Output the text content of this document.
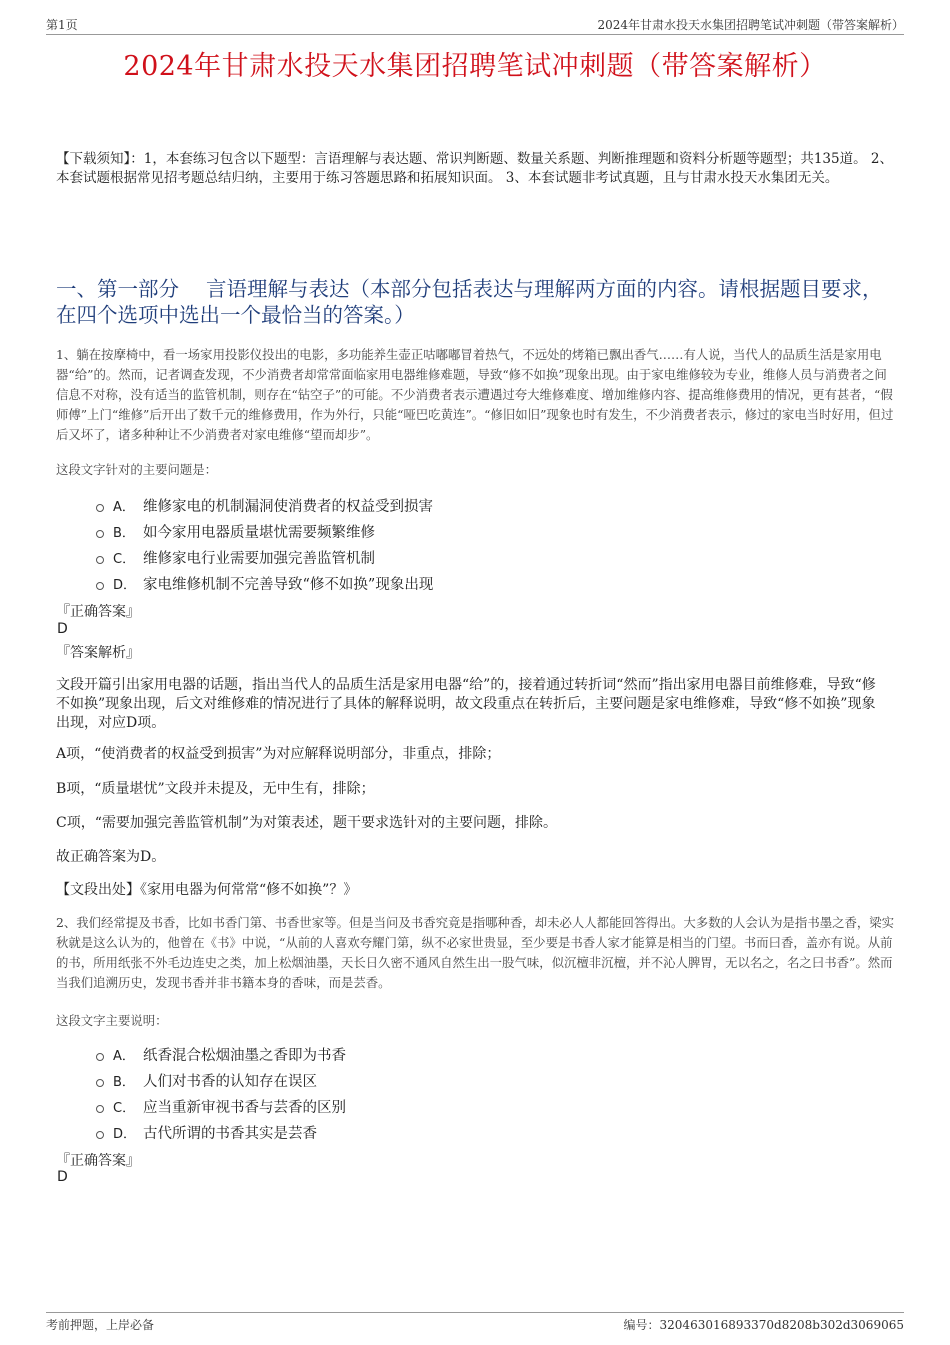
第1页	2024年甘肃水投天水集团招聘笔试冲刺题（带答案解析）
2024年甘肃水投天水集团招聘笔试冲刺题（带答案解析）
【下载须知】：1，本套练习包含以下题型：言语理解与表达题、常识判断题、数量关系题、判断推理题和资料分析题等题型；共135道。 2、本套试题根据常见招考题总结归纳，主要用于练习答题思路和拓展知识面。 3、本套试题非考试真题，且与甘肃水投天水集团无关。
一、第一部分　 言语理解与表达（本部分包括表达与理解两方面的内容。请根据题目要求，在四个选项中选出一个最恰当的答案。）
1、躺在按摩椅中，看一场家用投影仪投出的电影，多功能养生壶正咕嘟嘟冒着热气，不远处的烤箱已飘出香气……有人说，当代人的品质生活是家用电器“给”的。然而，记者调查发现，不少消费者却常常面临家用电器维修难题，导致“修不如换”现象出现。由于家电维修较为专业，维修人员与消费者之间信息不对称，没有适当的监管机制，则存在“钻空子”的可能。不少消费者表示遭遇过夸大维修难度、增加维修内容、提高维修费用的情况，更有甚者，“假师傅”上门“维修”后开出了数千元的维修费用，作为外行，只能“哑巴吃黄连”。“修旧如旧”现象也时有发生，不少消费者表示，修过的家电当时好用，但过后又坏了，诸多种种让不少消费者对家电维修“望而却步”。
这段文字针对的主要问题是：
A． 维修家电的机制漏洞使消费者的权益受到损害
B． 如今家用电器质量堪忧需要频繁维修
C． 维修家电行业需要加强完善监管机制
D． 家电维修机制不完善导致“修不如换”现象出现
『正确答案』
D
『答案解析』
文段开篇引出家用电器的话题，指出当代人的品质生活是家用电器“给”的，接着通过转折词“然而”指出家用电器目前维修难，导致“修不如换”现象出现，后文对维修难的情况进行了具体的解释说明，故文段重点在转折后，主要问题是家电维修难，导致“修不如换”现象出现，对应D项。
A项，“使消费者的权益受到损害”为对应解释说明部分，非重点，排除；
B项，“质量堪忧”文段并未提及，无中生有，排除；
C项，“需要加强完善监管机制”为对策表述，题干要求选针对的主要问题，排除。
故正确答案为D。
【文段出处】《家用电器为何常常“修不如换”？》
2、我们经常提及书香，比如书香门第、书香世家等。但是当问及书香究竟是指哪种香，却未必人人都能回答得出。大多数的人会认为是指书墨之香，梁实秋就是这么认为的，他曾在《书》中说，“从前的人喜欢夸耀门第，纵不必家世贵显，至少要是书香人家才能算是相当的门望。书而曰香，盖亦有说。从前的书，所用纸张不外毛边连史之类，加上松烟油墨，天长日久密不通风自然生出一股气味，似沉檀非沉檀，并不沁人脾胃，无以名之，名之曰书香”。然而当我们追溯历史，发现书香并非书籍本身的香味，而是芸香。
这段文字主要说明：
A． 纸香混合松烟油墨之香即为书香
B． 人们对书香的认知存在误区
C． 应当重新审视书香与芸香的区别
D． 古代所谓的书香其实是芸香
『正确答案』
D
考前押题，上岸必备	编号：320463016893370d8208b302d3069065
